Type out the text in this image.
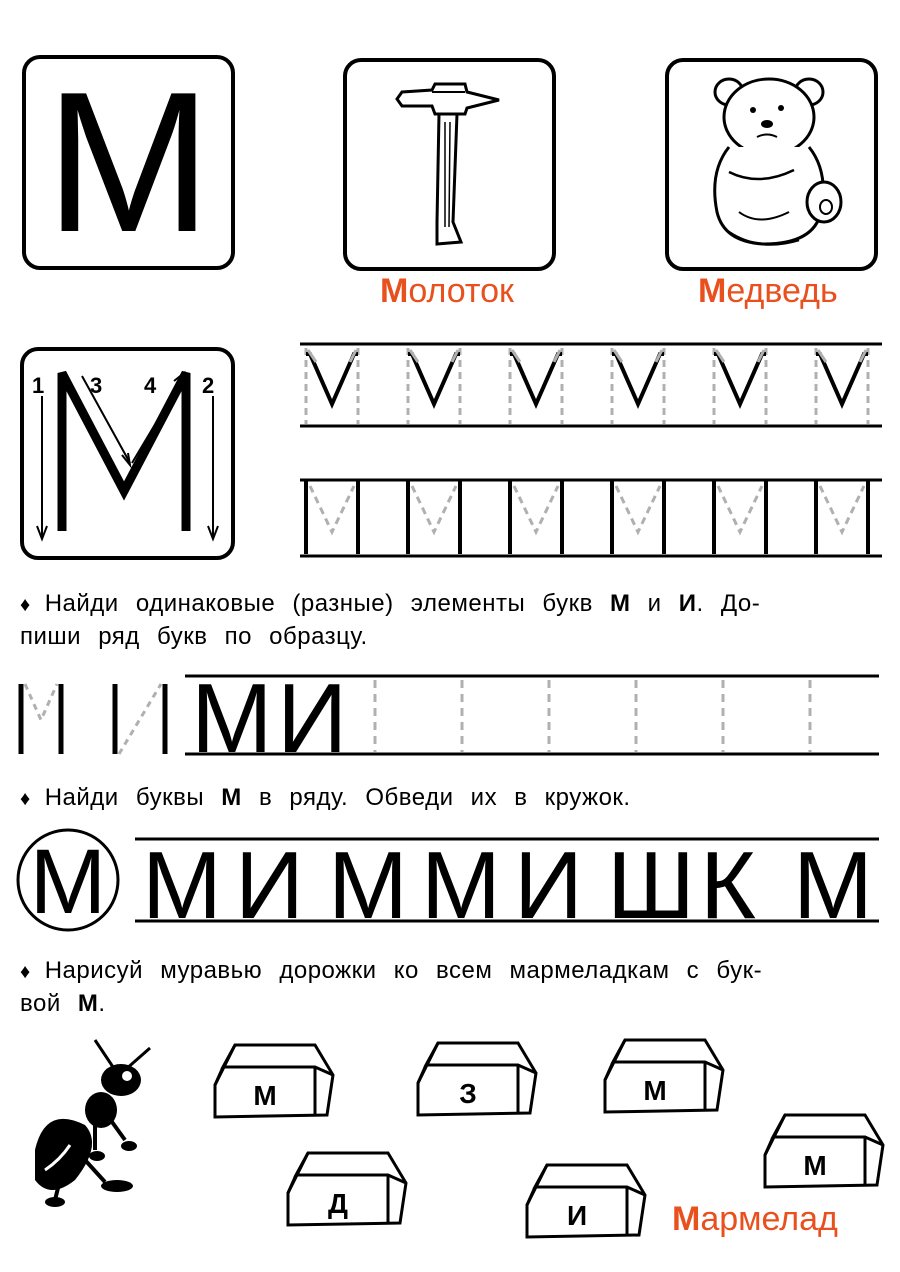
М
Молоток	Медведь
1 3 4 2
♦ Найди одинаковые (разные) элементы букв М и И. До-
пиши ряд букв по образцу.
М И
♦ Найди буквы М в ряду. Обведи их в кружок.
М М И М М И Ш К М
♦ Нарисуй муравью дорожки ко всем мармеладкам с бук-
вой М.
М	З	М
М
Д	И Мармелад
